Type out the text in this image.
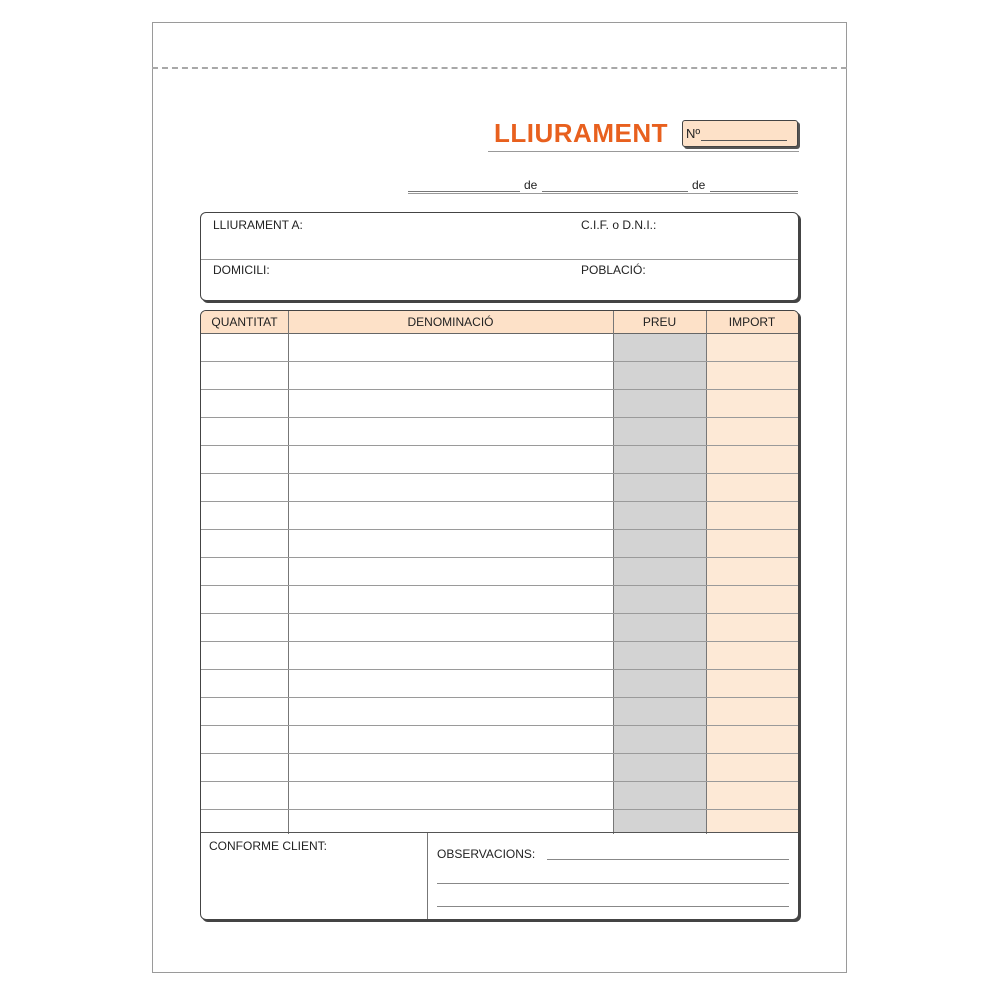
LLIURAMENT Nº
de	de
LLIURAMENT A:	C.I.F. o D.N.I.:
DOMICILI:	POBLACIÓ:
QUANTITAT	DENOMINACIÓ	PREU	IMPORT
CONFORME CLIENT:
OBSERVACIONS:
